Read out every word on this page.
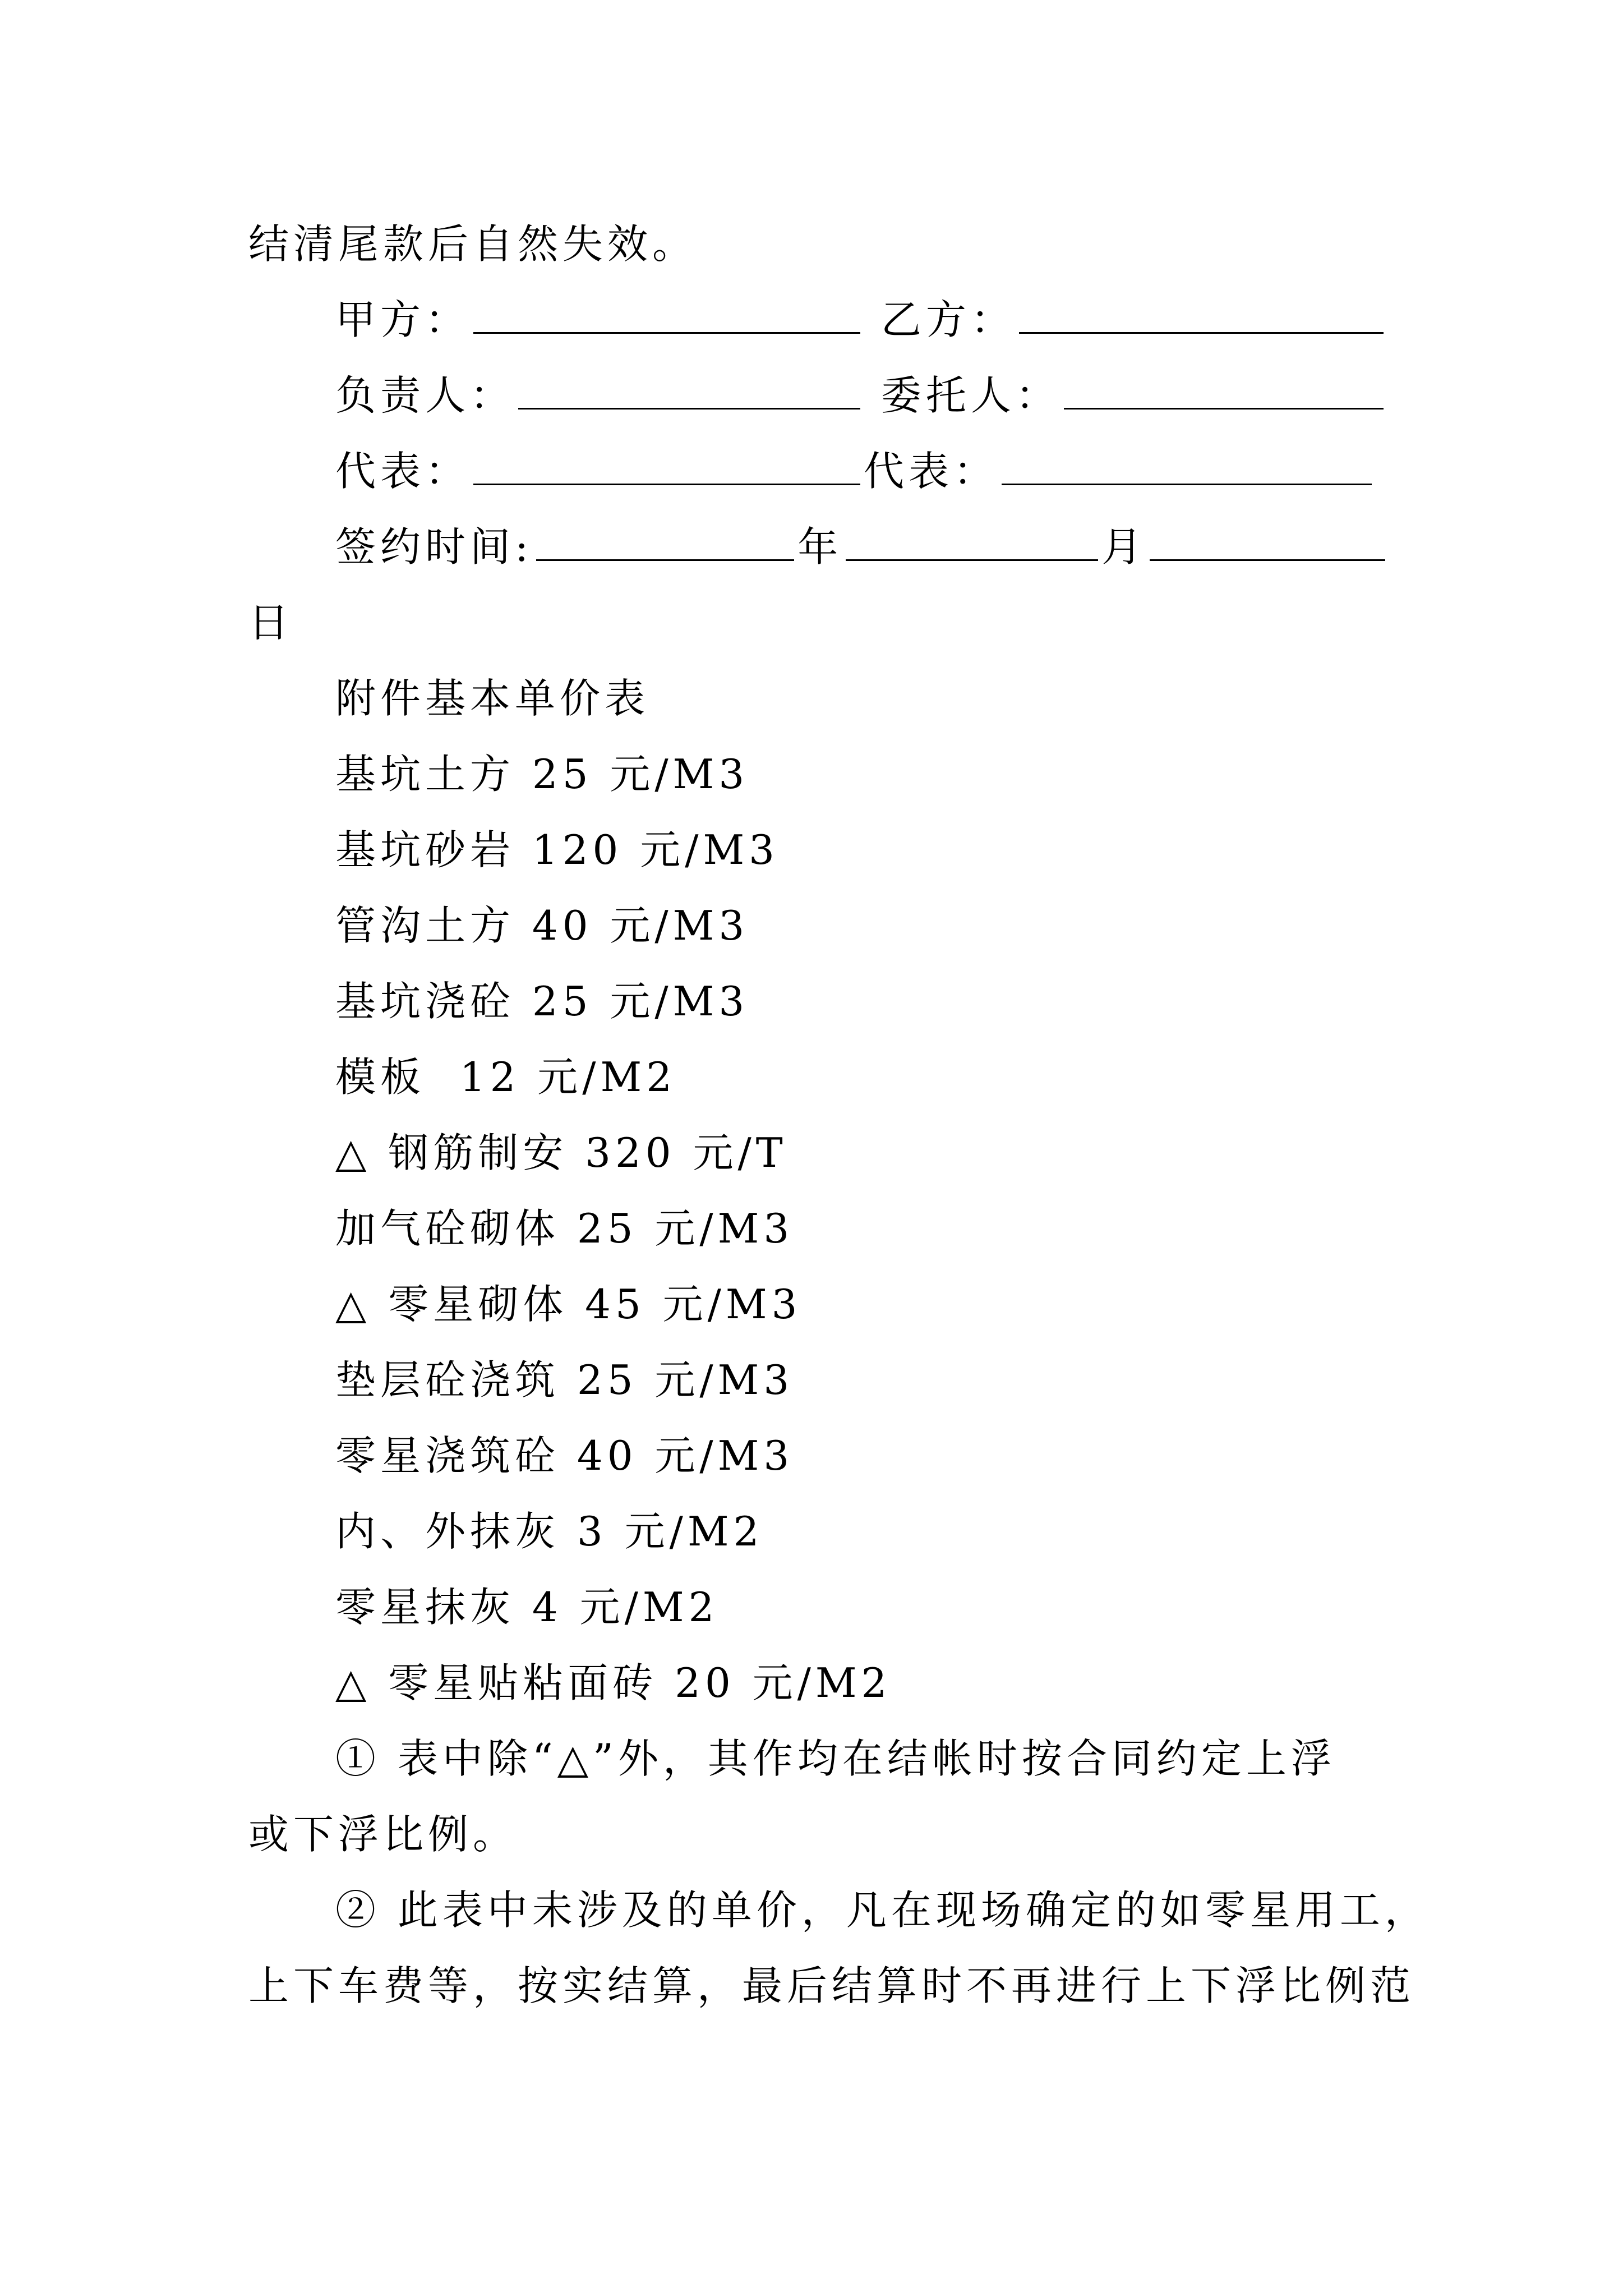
结清尾款后自然失效。
甲方：	乙方：
负责人：	委托人：
代表：	代表：
签约时间:	年	月
日
附件基本单价表
基坑土方 25 元/M3
基坑砂岩 120 元/M3
管沟土方 40 元/M3
基坑浇砼 25 元/M3
模板  12 元/M2
△ 钢筋制安 320 元/T
加气砼砌体 25 元/M3
△ 零星砌体 45 元/M3
垫层砼浇筑 25 元/M3
零星浇筑砼 40 元/M3
内、外抹灰 3 元/M2
零星抹灰 4 元/M2
△ 零星贴粘面砖 20 元/M2
① 表中除“△”外，其作均在结帐时按合同约定上浮
或下浮比例。
② 此表中未涉及的单价，凡在现场确定的如零星用工，
上下车费等，按实结算，最后结算时不再进行上下浮比例范
